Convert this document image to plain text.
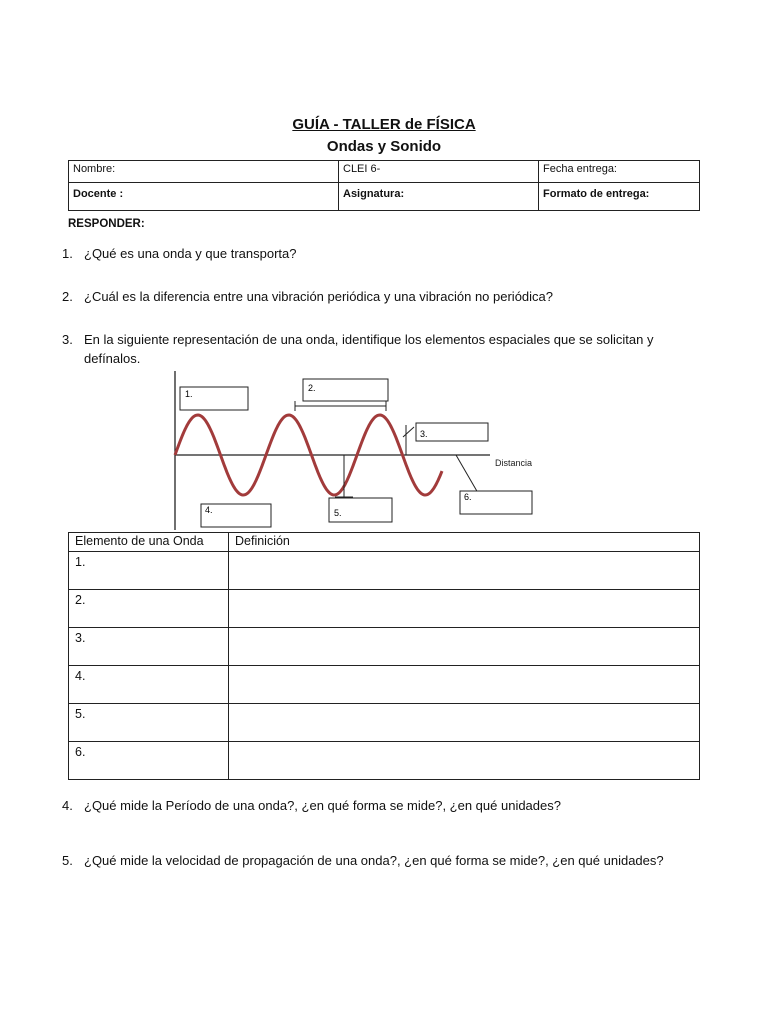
GUÍA - TALLER de FÍSICA
Ondas y Sonido
Nombre:	CLEI 6-	Fecha entrega:
Docente :	Asignatura:	Formato de entrega:
RESPONDER:
1. ¿Qué es una onda y que transporta?
2. ¿Cuál es la diferencia entre una vibración periódica y una vibración no periódica?
3. En la siguiente representación de una onda, identifique los elementos espaciales que se solicitan y
defínalos.
Distancia
1.
2.
3.
4.	5.
6.
Elemento de una Onda	Definición
1.	
2.	
3.	
4.	
5.	
6.	
4. ¿Qué mide la Período de una onda?, ¿en qué forma se mide?, ¿en qué unidades?
5. ¿Qué mide la velocidad de propagación de una onda?, ¿en qué forma se mide?, ¿en qué unidades?
